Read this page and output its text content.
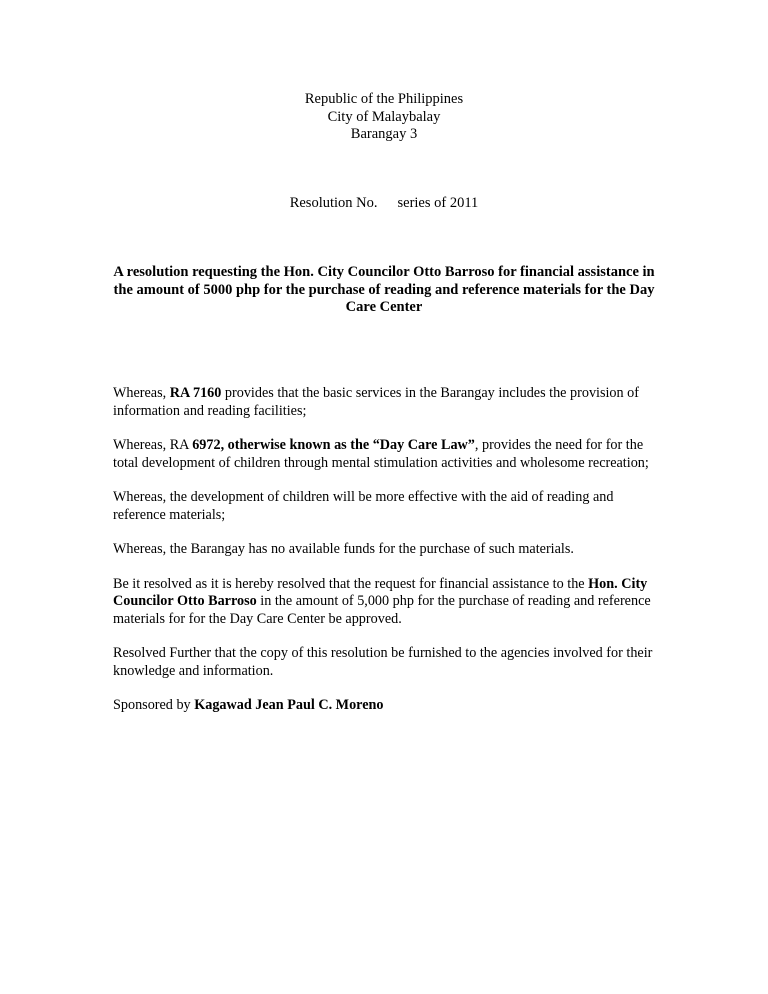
Republic of the Philippines
City of Malaybalay
Barangay 3
Resolution No. series of 2011
A resolution requesting the Hon. City Councilor Otto Barroso for financial assistance in the amount of 5000 php for the purchase of reading and reference materials for the Day Care Center

Whereas, RA 7160 provides that the basic services in the Barangay includes the provision of information and reading facilities;

Whereas, RA 6972, otherwise known as the “Day Care Law”, provides the need for for the total development of children through mental stimulation activities and wholesome recreation;

Whereas, the development of children will be more effective with the aid of reading and reference materials;

Whereas, the Barangay has no available funds for the purchase of such materials.

Be it resolved as it is hereby resolved that the request for financial assistance to the Hon. City Councilor Otto Barroso in the amount of 5,000 php for the purchase of reading and reference materials for for the Day Care Center be approved.

Resolved Further that the copy of this resolution be furnished to the agencies involved for their knowledge and information.

Sponsored by Kagawad Jean Paul C. Moreno
